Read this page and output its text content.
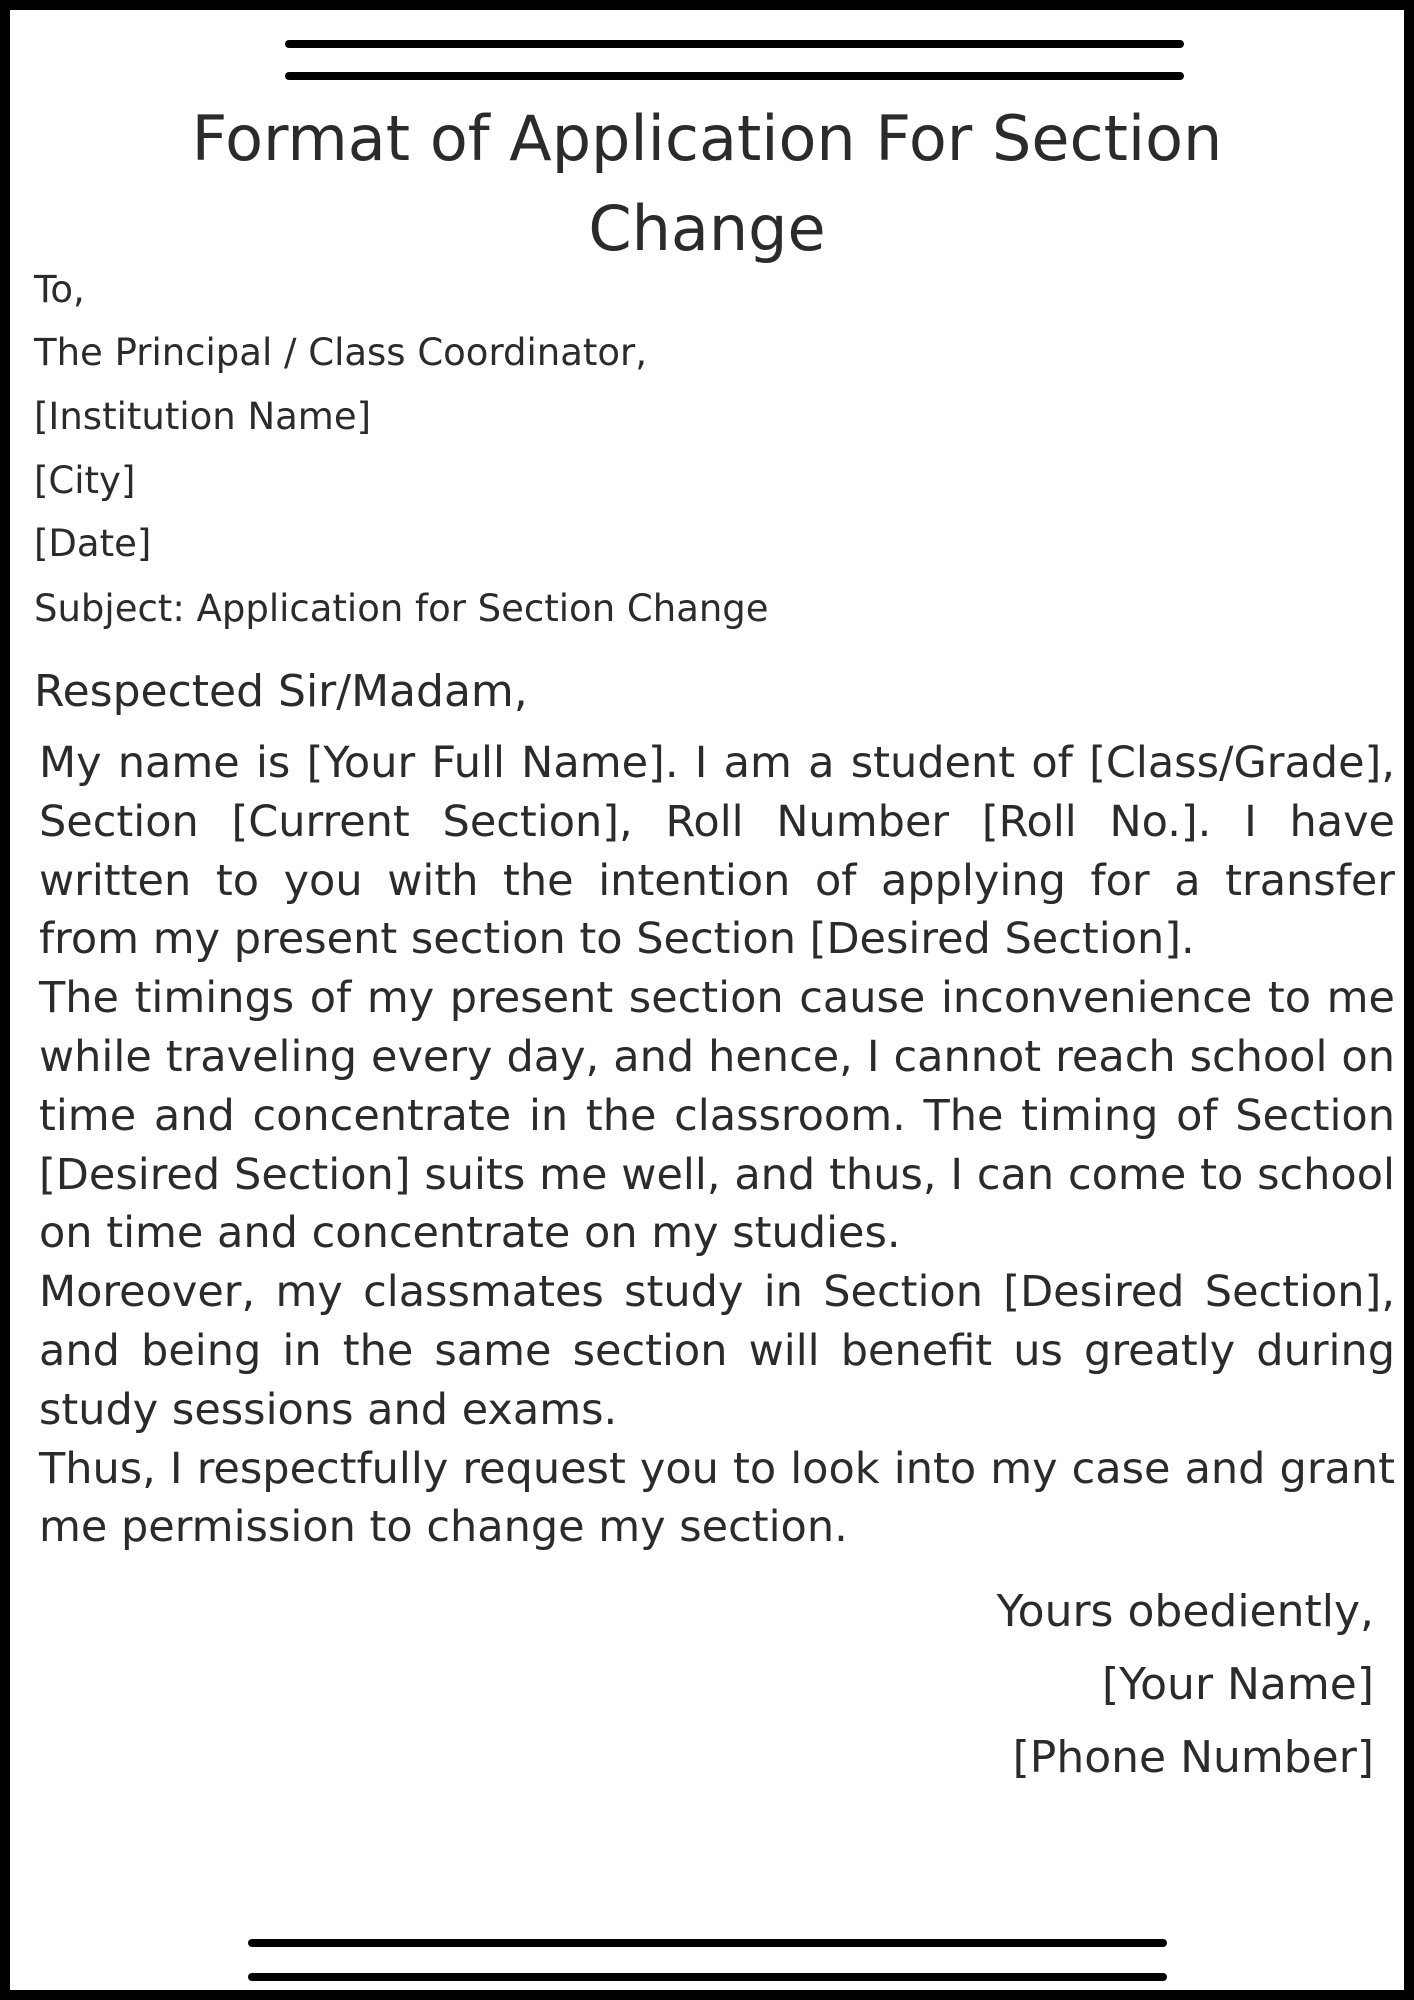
Format of Application For Section Change
To,
The Principal / Class Coordinator,
[Institution Name]
[City]
[Date]
Subject: Application for Section Change
Respected Sir/Madam,

My name is [Your Full Name]. I am a student of [Class/Grade], Section [Current Section], Roll Number [Roll No.]. I have written to you with the intention of applying for a transfer from my present section to Section [Desired Section].

The timings of my present section cause inconvenience to me while traveling every day, and hence, I cannot reach school on time and concentrate in the classroom. The timing of Section [Desired Section] suits me well, and thus, I can come to school on time and concentrate on my studies.

Moreover, my classmates study in Section [Desired Section], and being in the same section will benefit us greatly during study sessions and exams.

Thus, I respectfully request you to look into my case and grant me permission to change my section.

Yours obediently,
[Your Name]
[Phone Number]
